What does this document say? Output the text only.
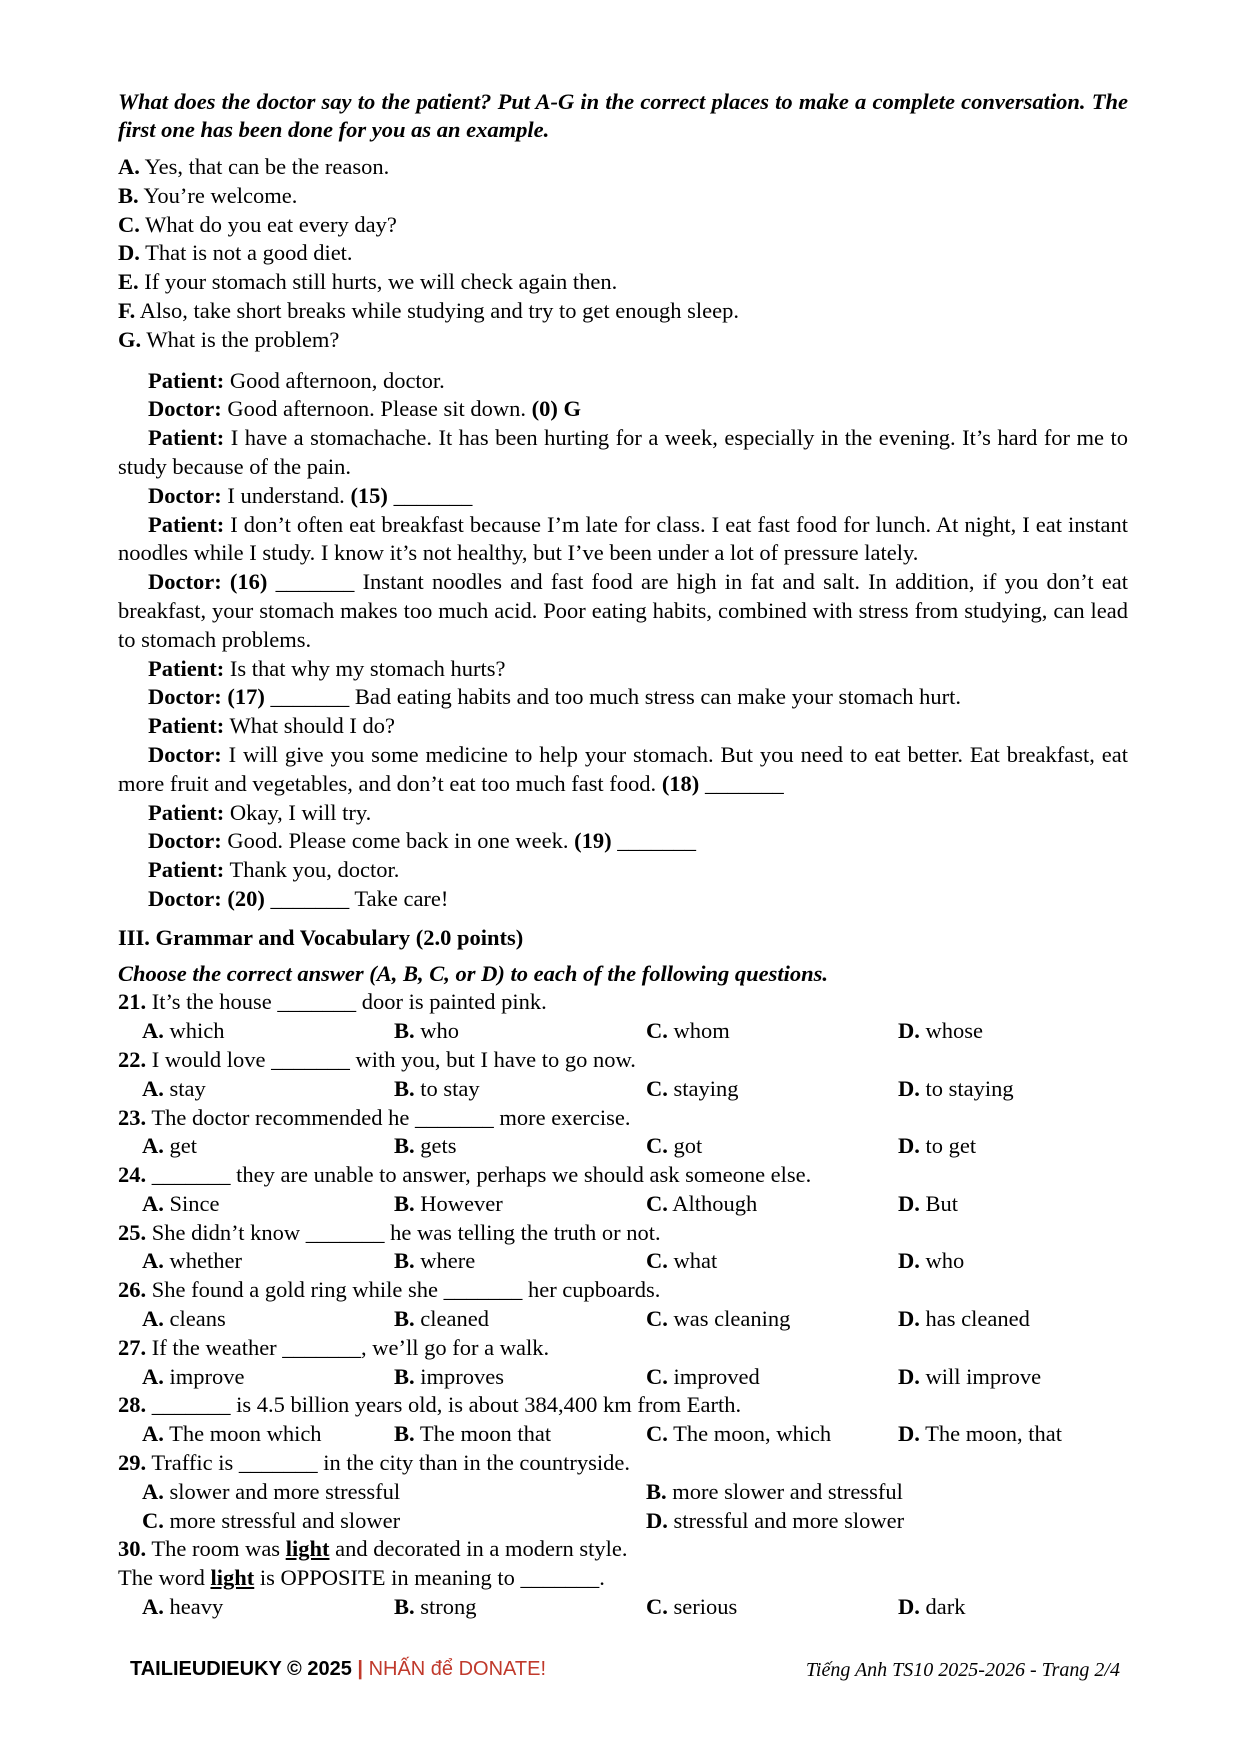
What does the doctor say to the patient? Put A-G in the correct places to make a complete conversation. The first one has been done for you as an example.
A. Yes, that can be the reason.
B. You’re welcome.
C. What do you eat every day?
D. That is not a good diet.
E. If your stomach still hurts, we will check again then.
F. Also, take short breaks while studying and try to get enough sleep.
G. What is the problem?
Patient: Good afternoon, doctor.
Doctor: Good afternoon. Please sit down. (0) G
Patient: I have a stomachache. It has been hurting for a week, especially in the evening. It’s hard for me to study because of the pain.
Doctor: I understand. (15) _______
Patient: I don’t often eat breakfast because I’m late for class. I eat fast food for lunch. At night, I eat instant noodles while I study. I know it’s not healthy, but I’ve been under a lot of pressure lately.
Doctor: (16) _______ Instant noodles and fast food are high in fat and salt. In addition, if you don’t eat breakfast, your stomach makes too much acid. Poor eating habits, combined with stress from studying, can lead to stomach problems.
Patient: Is that why my stomach hurts?
Doctor: (17) _______ Bad eating habits and too much stress can make your stomach hurt.
Patient: What should I do?
Doctor: I will give you some medicine to help your stomach. But you need to eat better. Eat breakfast, eat more fruit and vegetables, and don’t eat too much fast food. (18) _______
Patient: Okay, I will try.
Doctor: Good. Please come back in one week. (19) _______
Patient: Thank you, doctor.
Doctor: (20) _______ Take care!
III. Grammar and Vocabulary (2.0 points)
Choose the correct answer (A, B, C, or D) to each of the following questions.
21. It’s the house _______ door is painted pink.
A. which	B. who	C. whom	D. whose
22. I would love _______ with you, but I have to go now.
A. stay	B. to stay	C. staying	D. to staying
23. The doctor recommended he _______ more exercise.
A. get	B. gets	C. got	D. to get
24. _______ they are unable to answer, perhaps we should ask someone else.
A. Since	B. However	C. Although	D. But
25. She didn’t know _______ he was telling the truth or not.
A. whether	B. where	C. what	D. who
26. She found a gold ring while she _______ her cupboards.
A. cleans	B. cleaned	C. was cleaning	D. has cleaned
27. If the weather _______, we’ll go for a walk.
A. improve	B. improves	C. improved	D. will improve
28. _______ is 4.5 billion years old, is about 384,400 km from Earth.
A. The moon which	B. The moon that	C. The moon, which	D. The moon, that
29. Traffic is _______ in the city than in the countryside.
A. slower and more stressful	B. more slower and stressful
C. more stressful and slower	D. stressful and more slower
30. The room was light and decorated in a modern style.
The word light is OPPOSITE in meaning to _______.
A. heavy	B. strong	C. serious	D. dark
TAILIEUDIEUKY © 2025 | NHẤN để DONATE!	Tiếng Anh TS10 2025-2026 - Trang 2/4
